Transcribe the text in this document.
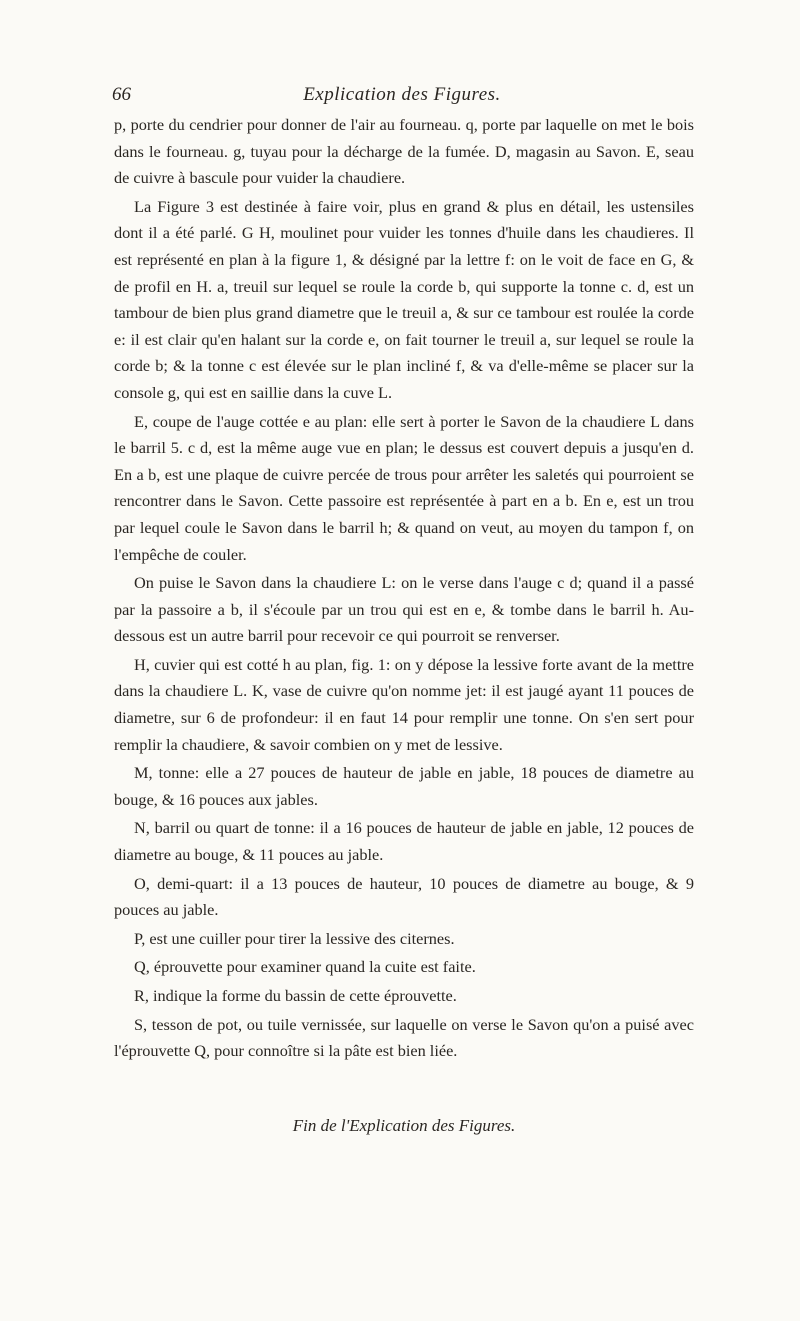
66	Explication des Figures.

p, porte du cendrier pour donner de l'air au fourneau. q, porte par laquelle on met le bois dans le fourneau. g, tuyau pour la décharge de la fumée. D, magasin au Savon. E, seau de cuivre à bascule pour vuider la chaudiere.

La Figure 3 est destinée à faire voir, plus en grand & plus en détail, les ustensiles dont il a été parlé. G H, moulinet pour vuider les tonnes d'huile dans les chaudieres. Il est représenté en plan à la figure 1, & désigné par la lettre f: on le voit de face en G, & de profil en H. a, treuil sur lequel se roule la corde b, qui supporte la tonne c. d, est un tambour de bien plus grand diametre que le treuil a, & sur ce tambour est roulée la corde e: il est clair qu'en halant sur la corde e, on fait tourner le treuil a, sur lequel se roule la corde b; & la tonne c est élevée sur le plan incliné f, & va d'elle-même se placer sur la console g, qui est en saillie dans la cuve L.

E, coupe de l'auge cottée e au plan: elle sert à porter le Savon de la chaudiere L dans le barril 5. c d, est la même auge vue en plan; le dessus est couvert depuis a jusqu'en d. En a b, est une plaque de cuivre percée de trous pour arrêter les saletés qui pourroient se rencontrer dans le Savon. Cette passoire est représentée à part en a b. En e, est un trou par lequel coule le Savon dans le barril h; & quand on veut, au moyen du tampon f, on l'empêche de couler.

On puise le Savon dans la chaudiere L: on le verse dans l'auge c d; quand il a passé par la passoire a b, il s'écoule par un trou qui est en e, & tombe dans le barril h. Au-dessous est un autre barril pour recevoir ce qui pourroit se renverser.

H, cuvier qui est cotté h au plan, fig. 1: on y dépose la lessive forte avant de la mettre dans la chaudiere L. K, vase de cuivre qu'on nomme jet: il est jaugé ayant 11 pouces de diametre, sur 6 de profondeur: il en faut 14 pour remplir une tonne. On s'en sert pour remplir la chaudiere, & savoir combien on y met de lessive.

M, tonne: elle a 27 pouces de hauteur de jable en jable, 18 pouces de diametre au bouge, & 16 pouces aux jables.

N, barril ou quart de tonne: il a 16 pouces de hauteur de jable en jable, 12 pouces de diametre au bouge, & 11 pouces au jable.

O, demi-quart: il a 13 pouces de hauteur, 10 pouces de diametre au bouge, & 9 pouces au jable.

P, est une cuiller pour tirer la lessive des citernes.

Q, éprouvette pour examiner quand la cuite est faite.

R, indique la forme du bassin de cette éprouvette.

S, tesson de pot, ou tuile vernissée, sur laquelle on verse le Savon qu'on a puisé avec l'éprouvette Q, pour connoître si la pâte est bien liée.

Fin de l'Explication des Figures.
